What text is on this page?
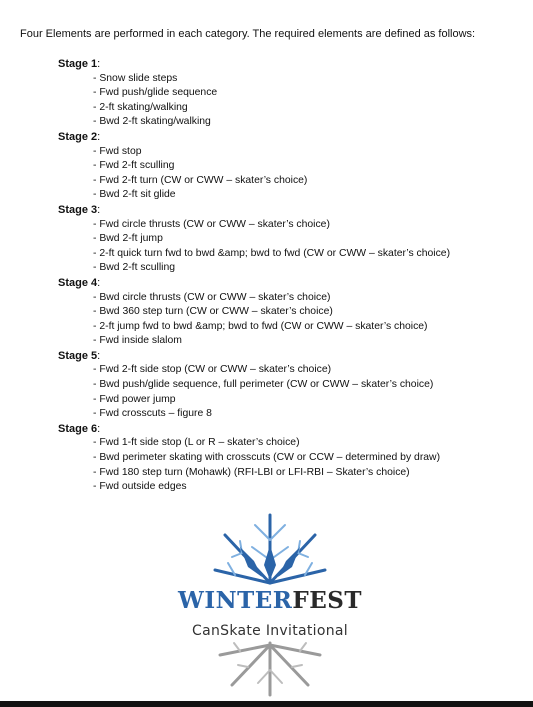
Four Elements are performed in each category. The required elements are defined as follows:
Stage 1:
- Snow slide steps
- Fwd push/glide sequence
- 2-ft skating/walking
- Bwd 2-ft skating/walking
Stage 2:
- Fwd stop
- Fwd 2-ft sculling
- Fwd 2-ft turn (CW or CWW – skater’s choice)
- Bwd 2-ft sit glide
Stage 3:
- Fwd circle thrusts (CW or CWW – skater’s choice)
- Bwd 2-ft jump
- 2-ft quick turn fwd to bwd &amp; bwd to fwd (CW or CWW – skater’s choice)
- Bwd 2-ft sculling
Stage 4:
- Bwd circle thrusts (CW or CWW – skater’s choice)
- Bwd 360 step turn (CW or CWW – skater’s choice)
- 2-ft jump fwd to bwd &amp; bwd to fwd (CW or CWW – skater’s choice)
- Fwd inside slalom
Stage 5:
- Fwd 2-ft side stop (CW or CWW – skater’s choice)
- Bwd push/glide sequence, full perimeter (CW or CWW – skater’s choice)
- Fwd power jump
- Fwd crosscuts – figure 8
Stage 6:
- Fwd 1-ft side stop (L or R – skater’s choice)
- Bwd perimeter skating with crosscuts (CW or CCW – determined by draw)
- Fwd 180 step turn (Mohawk) (RFI-LBI or LFI-RBI – Skater’s choice)
- Fwd outside edges
WINTERFEST
CanSkate Invitational
